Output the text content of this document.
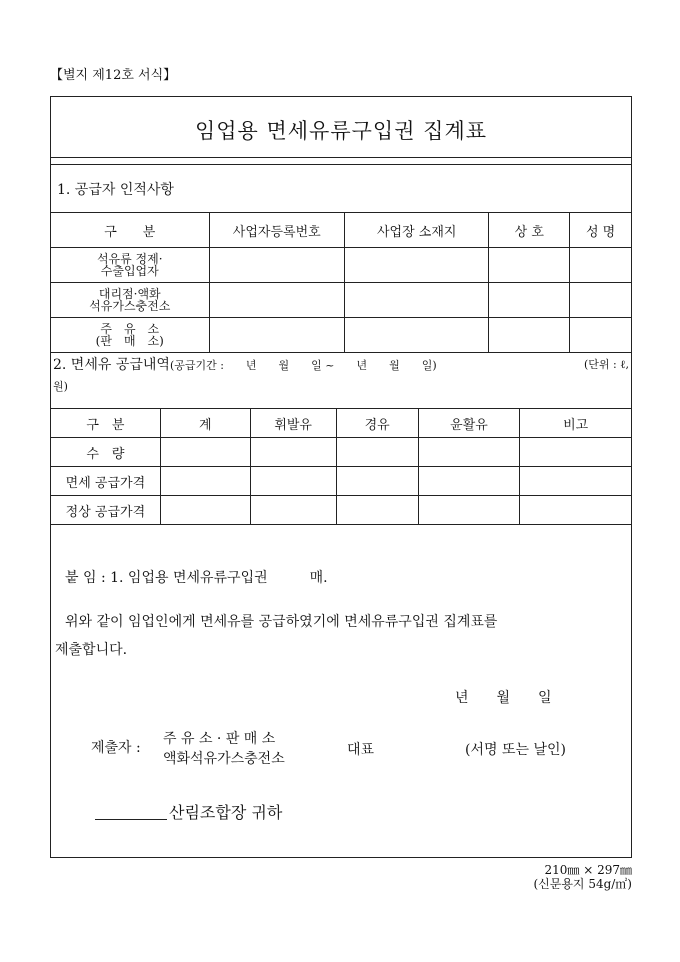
【별지 제12호 서식】
임업용 면세유류구입권 집계표
1. 공급자 인적사항
구　　분	사업자등록번호	사업장 소재지	상 호	성 명

석유류 정제·
수출입업자				

대리점·액화
석유가스충전소				

주　유　소
(판　매　소)				

2. 면세유 공급내역(공급기간 :　　년　　월　　일 ~　　년　　월　　일)	(단위 : ℓ,

원)
구　분	계	휘발유	경유	윤활유	비고
수　량					
면세 공급가격					
정상 공급가격					
붙 임 : 1. 임업용 면세유류구입권　　　매.
위와 같이 임업인에게 면세유를 공급하였기에 면세유류구입권 집계표를
제출합니다.
년　　월　　일
제출자 :
주 유 소 · 판 매 소
액화석유가스충전소
대표	(서명 또는 날인)
산림조합장 귀하
210㎜ × 297㎜
(신문용지 54g/㎡)
